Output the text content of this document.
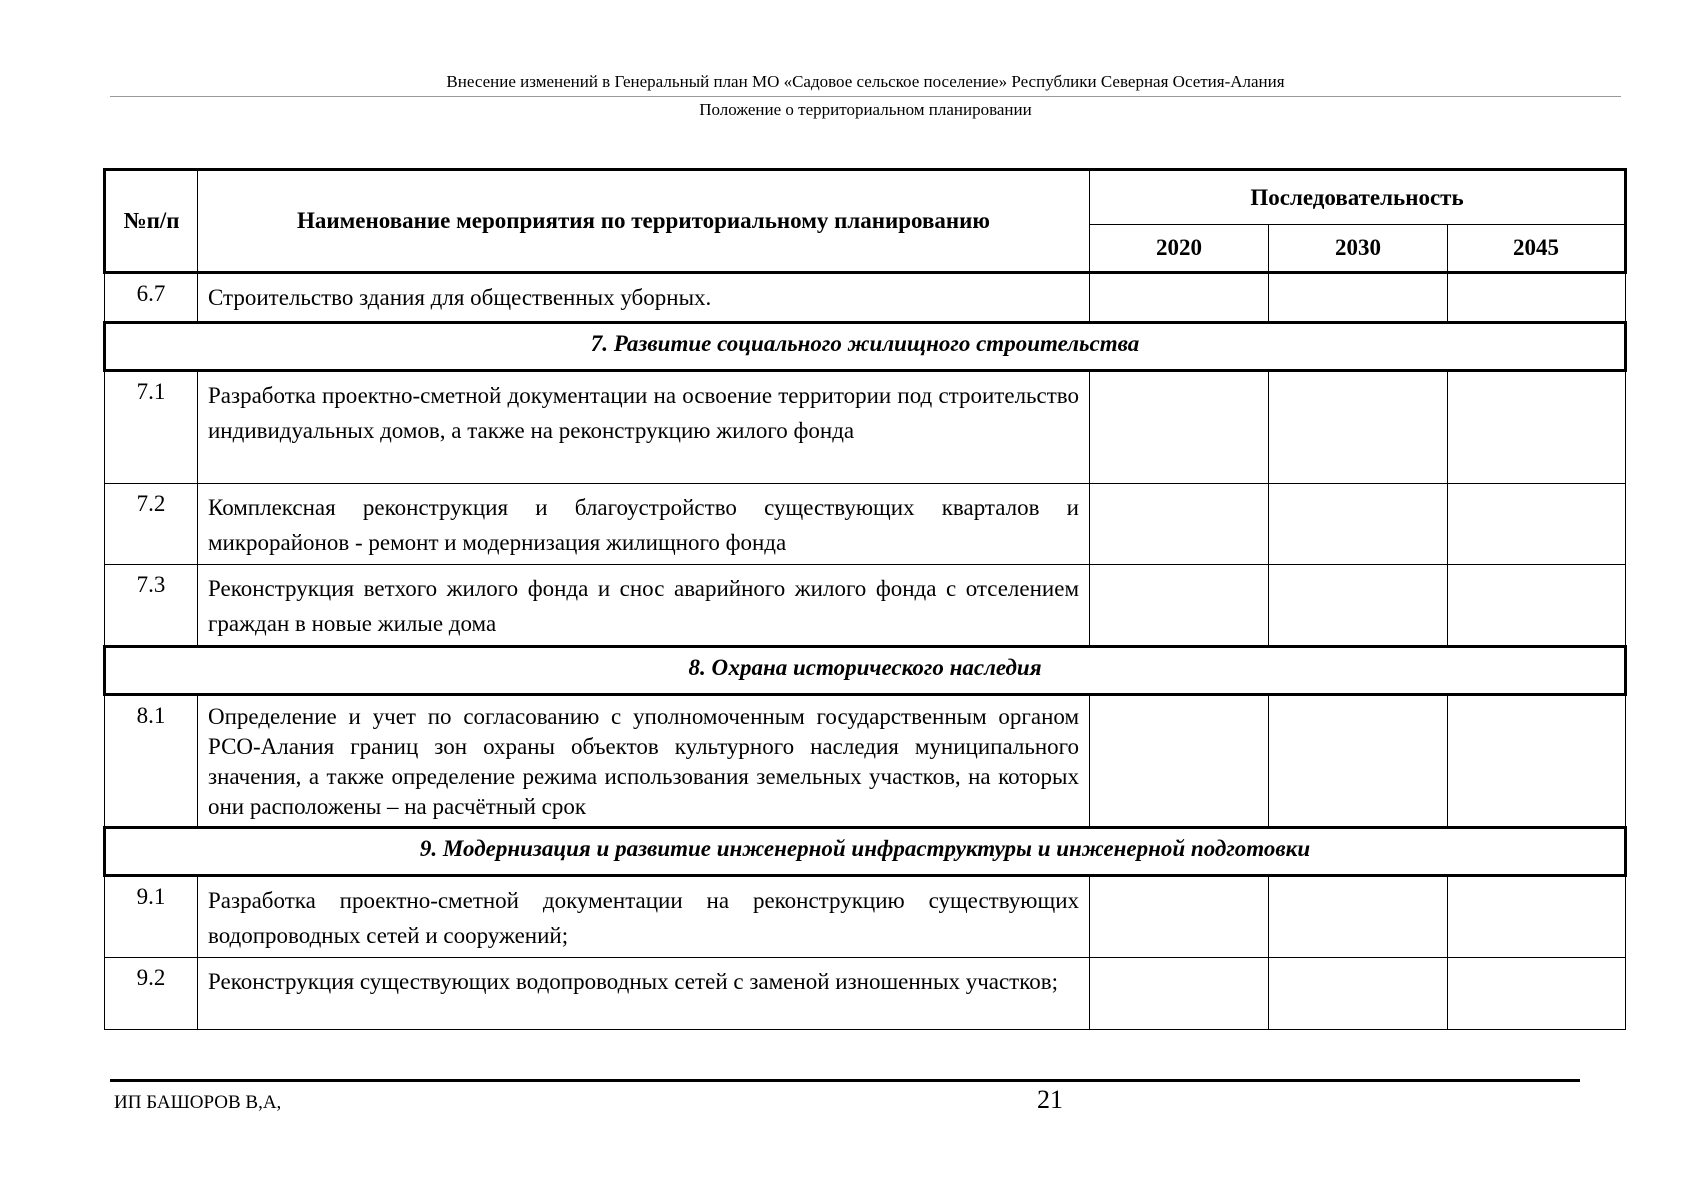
Внесение изменений в Генеральный план МО «Садовое сельское поселение» Республики Северная Осетия-Алания
Положение о территориальном планировании
№п/п	Наименование мероприятия по территориальному планированию	Последовательность		
		2020	2030	2045
6.7	Строительство здания для общественных уборных.			
7. Развитие социального жилищного строительства				
7.1	Разработка проектно-сметной документации на освоение территории под строительство индивидуальных домов, а также на реконструкцию жилого фонда			
7.2	Комплексная реконструкция и благоустройство существующих кварталов и микрорайонов - ремонт и модернизация жилищного фонда			
7.3	Реконструкция ветхого жилого фонда и снос аварийного жилого фонда с отселением граждан в новые жилые дома			
8. Охрана исторического наследия				
8.1	Определение и учет по согласованию с уполномоченным государственным органом РСО-Алания границ зон охраны объектов культурного наследия муниципального значения, а также определение режима использования земельных участков, на которых они расположены – на расчётный срок			
9. Модернизация и развитие инженерной инфраструктуры и инженерной подготовки				
9.1	Разработка проектно-сметной документации на реконструкцию существующих водопроводных сетей и сооружений;			
9.2	Реконструкция существующих водопроводных сетей с заменой изношенных участков;			
ИП БАШОРОВ В,А,	21
